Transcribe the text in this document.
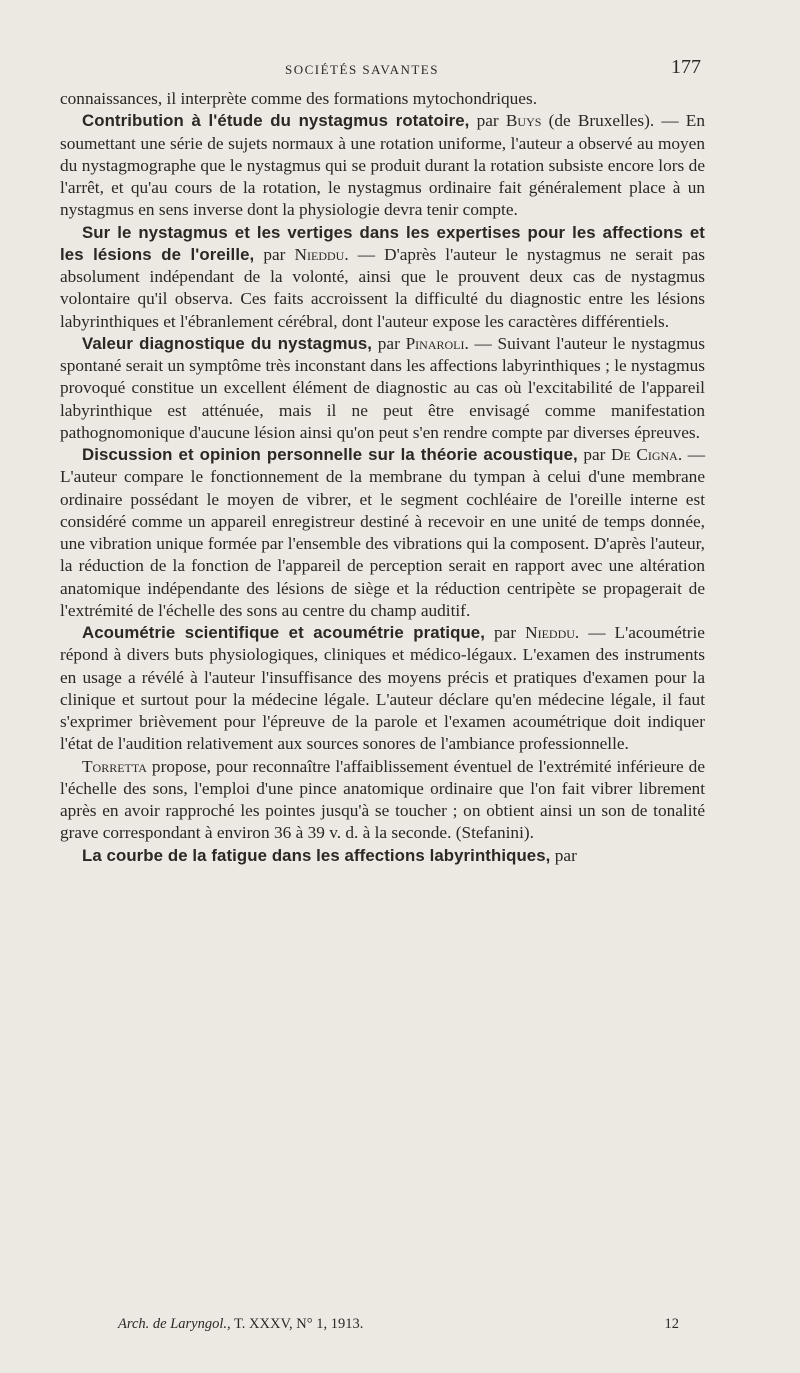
SOCIÉTÉS SAVANTES	177

connaissances, il interprète comme des formations mytochondriques.

Contribution à l'étude du nystagmus rotatoire, par Buys (de Bruxelles). — En soumettant une série de sujets normaux à une rotation uniforme, l'auteur a observé au moyen du nystagmographe que le nystagmus qui se produit durant la rotation subsiste encore lors de l'arrêt, et qu'au cours de la rotation, le nystagmus ordinaire fait généralement place à un nystagmus en sens inverse dont la physiologie devra tenir compte.

Sur le nystagmus et les vertiges dans les expertises pour les affections et les lésions de l'oreille, par Nieddu. — D'après l'auteur le nystagmus ne serait pas absolument indépendant de la volonté, ainsi que le prouvent deux cas de nystagmus volontaire qu'il observa. Ces faits accroissent la difficulté du diagnostic entre les lésions labyrinthiques et l'ébranlement cérébral, dont l'auteur expose les caractères différentiels.

Valeur diagnostique du nystagmus, par Pinaroli. — Suivant l'auteur le nystagmus spontané serait un symptôme très inconstant dans les affections labyrinthiques ; le nystagmus provoqué constitue un excellent élément de diagnostic au cas où l'excitabilité de l'appareil labyrinthique est atténuée, mais il ne peut être envisagé comme manifestation pathognomonique d'aucune lésion ainsi qu'on peut s'en rendre compte par diverses épreuves.

Discussion et opinion personnelle sur la théorie acoustique, par De Cigna. — L'auteur compare le fonctionnement de la membrane du tympan à celui d'une membrane ordinaire possédant le moyen de vibrer, et le segment cochléaire de l'oreille interne est considéré comme un appareil enregistreur destiné à recevoir en une unité de temps donnée, une vibration unique formée par l'ensemble des vibrations qui la composent. D'après l'auteur, la réduction de la fonction de l'appareil de perception serait en rapport avec une altération anatomique indépendante des lésions de siège et la réduction centripète se propagerait de l'extrémité de l'échelle des sons au centre du champ auditif.

Acoumétrie scientifique et acoumétrie pratique, par Nieddu. — L'acoumétrie répond à divers buts physiologiques, cliniques et médico-légaux. L'examen des instruments en usage a révélé à l'auteur l'insuffisance des moyens précis et pratiques d'examen pour la clinique et surtout pour la médecine légale. L'auteur déclare qu'en médecine légale, il faut s'exprimer brièvement pour l'épreuve de la parole et l'examen acoumétrique doit indiquer l'état de l'audition relativement aux sources sonores de l'ambiance professionnelle.

Torretta propose, pour reconnaître l'affaiblissement éventuel de l'extrémité inférieure de l'échelle des sons, l'emploi d'une pince anatomique ordinaire que l'on fait vibrer librement après en avoir rapproché les pointes jusqu'à se toucher ; on obtient ainsi un son de tonalité grave correspondant à environ 36 à 39 v. d. à la seconde. (Stefanini).

La courbe de la fatigue dans les affections labyrinthiques, par

Arch. de Laryngol., T. XXXV, N° 1, 1913.	12
